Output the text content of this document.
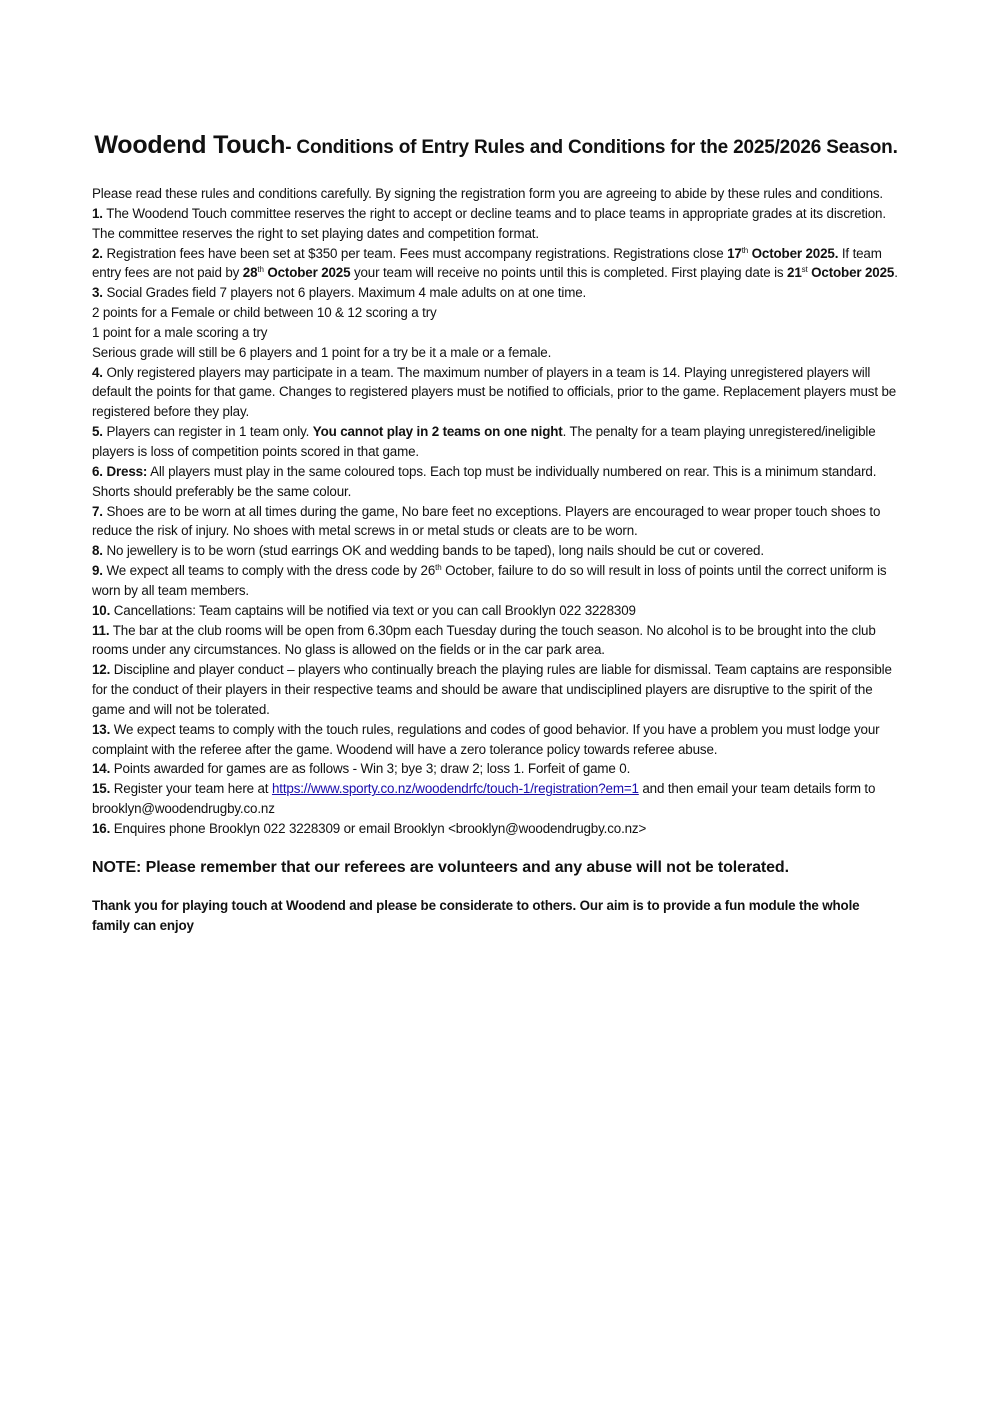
Woodend Touch- Conditions of Entry Rules and Conditions for the 2025/2026 Season.

Please read these rules and conditions carefully. By signing the registration form you are agreeing to abide by these rules and conditions.

1. The Woodend Touch committee reserves the right to accept or decline teams and to place teams in appropriate grades at its discretion. The committee reserves the right to set playing dates and competition format.

2. Registration fees have been set at $350 per team. Fees must accompany registrations. Registrations close 17th October 2025. If team entry fees are not paid by 28th October 2025 your team will receive no points until this is completed. First playing date is 21st October 2025.

3. Social Grades field 7 players not 6 players. Maximum 4 male adults on at one time.

2 points for a Female or child between 10 & 12 scoring a try

1 point for a male scoring a try

Serious grade will still be 6 players and 1 point for a try be it a male or a female.

4. Only registered players may participate in a team. The maximum number of players in a team is 14. Playing unregistered players will default the points for that game. Changes to registered players must be notified to officials, prior to the game. Replacement players must be registered before they play.

5. Players can register in 1 team only. You cannot play in 2 teams on one night. The penalty for a team playing unregistered/ineligible players is loss of competition points scored in that game.

6. Dress: All players must play in the same coloured tops. Each top must be individually numbered on rear. This is a minimum standard. Shorts should preferably be the same colour.

7. Shoes are to be worn at all times during the game, No bare feet no exceptions. Players are encouraged to wear proper touch shoes to reduce the risk of injury. No shoes with metal screws in or metal studs or cleats are to be worn.

8. No jewellery is to be worn (stud earrings OK and wedding bands to be taped), long nails should be cut or covered.

9. We expect all teams to comply with the dress code by 26th October, failure to do so will result in loss of points until the correct uniform is worn by all team members.

10. Cancellations: Team captains will be notified via text or you can call Brooklyn 022 3228309

11. The bar at the club rooms will be open from 6.30pm each Tuesday during the touch season. No alcohol is to be brought into the club rooms under any circumstances. No glass is allowed on the fields or in the car park area.

12. Discipline and player conduct – players who continually breach the playing rules are liable for dismissal. Team captains are responsible for the conduct of their players in their respective teams and should be aware that undisciplined players are disruptive to the spirit of the game and will not be tolerated.

13. We expect teams to comply with the touch rules, regulations and codes of good behavior. If you have a problem you must lodge your complaint with the referee after the game. Woodend will have a zero tolerance policy towards referee abuse.

14. Points awarded for games are as follows - Win 3; bye 3; draw 2; loss 1. Forfeit of game 0.

15. Register your team here at https://www.sporty.co.nz/woodendrfc/touch-1/registration?em=1 and then email your team details form to brooklyn@woodendrugby.co.nz

16. Enquires phone Brooklyn 022 3228309 or email Brooklyn <brooklyn@woodendrugby.co.nz>

NOTE: Please remember that our referees are volunteers and any abuse will not be tolerated.

Thank you for playing touch at Woodend and please be considerate to others. Our aim is to provide a fun module the whole family can enjoy
